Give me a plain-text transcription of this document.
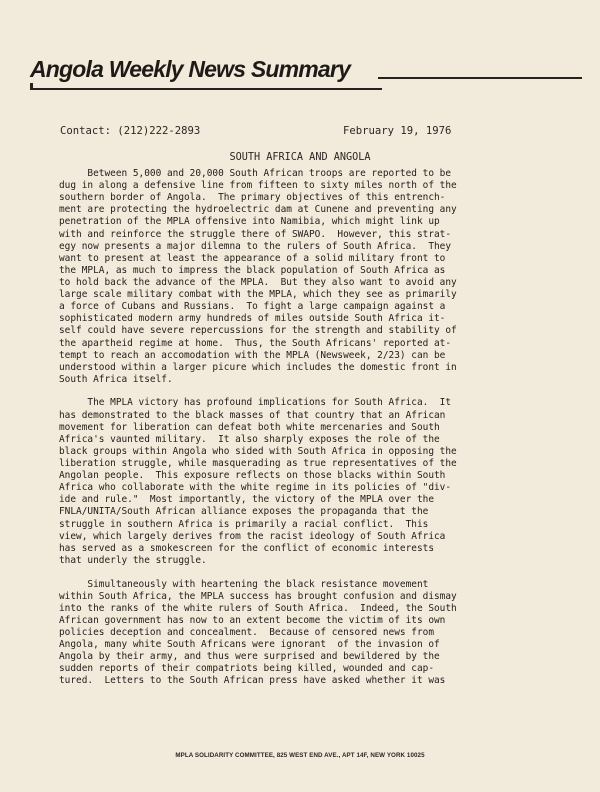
Angola Weekly News Summary
Contact: (212)222-2893	February 19, 1976
SOUTH AFRICA AND ANGOLA
Between 5,000 and 20,000 South African troops are reported to be
dug in along a defensive line from fifteen to sixty miles north of the
southern border of Angola.  The primary objectives of this entrench-
ment are protecting the hydroelectric dam at Cunene and preventing any
penetration of the MPLA offensive into Namibia, which might link up
with and reinforce the struggle there of SWAPO.  However, this strat-
egy now presents a major dilemna to the rulers of South Africa.  They
want to present at least the appearance of a solid military front to
the MPLA, as much to impress the black population of South Africa as
to hold back the advance of the MPLA.  But they also want to avoid any
large scale military combat with the MPLA, which they see as primarily
a force of Cubans and Russians.  To fight a large campaign against a
sophisticated modern army hundreds of miles outside South Africa it-
self could have severe repercussions for the strength and stability of
the apartheid regime at home.  Thus, the South Africans' reported at-
tempt to reach an accomodation with the MPLA (Newsweek, 2/23) can be
understood within a larger picure which includes the domestic front in
South Africa itself.
The MPLA victory has profound implications for South Africa.  It
has demonstrated to the black masses of that country that an African
movement for liberation can defeat both white mercenaries and South
Africa's vaunted military.  It also sharply exposes the role of the
black groups within Angola who sided with South Africa in opposing the
liberation struggle, while masquerading as true representatives of the
Angolan people.  This exposure reflects on those blacks within South
Africa who collaborate with the white regime in its policies of "div-
ide and rule."  Most importantly, the victory of the MPLA over the
FNLA/UNITA/South African alliance exposes the propaganda that the
struggle in southern Africa is primarily a racial conflict.  This
view, which largely derives from the racist ideology of South Africa
has served as a smokescreen for the conflict of economic interests
that underly the struggle.
Simultaneously with heartening the black resistance movement
within South Africa, the MPLA success has brought confusion and dismay
into the ranks of the white rulers of South Africa.  Indeed, the South
African government has now to an extent become the victim of its own
policies deception and concealment.  Because of censored news from
Angola, many white South Africans were ignorant  of the invasion of
Angola by their army, and thus were surprised and bewildered by the
sudden reports of their compatriots being killed, wounded and cap-
tured.  Letters to the South African press have asked whether it was
MPLA SOLIDARITY COMMITTEE, 825 WEST END AVE., APT 14F, NEW YORK 10025
